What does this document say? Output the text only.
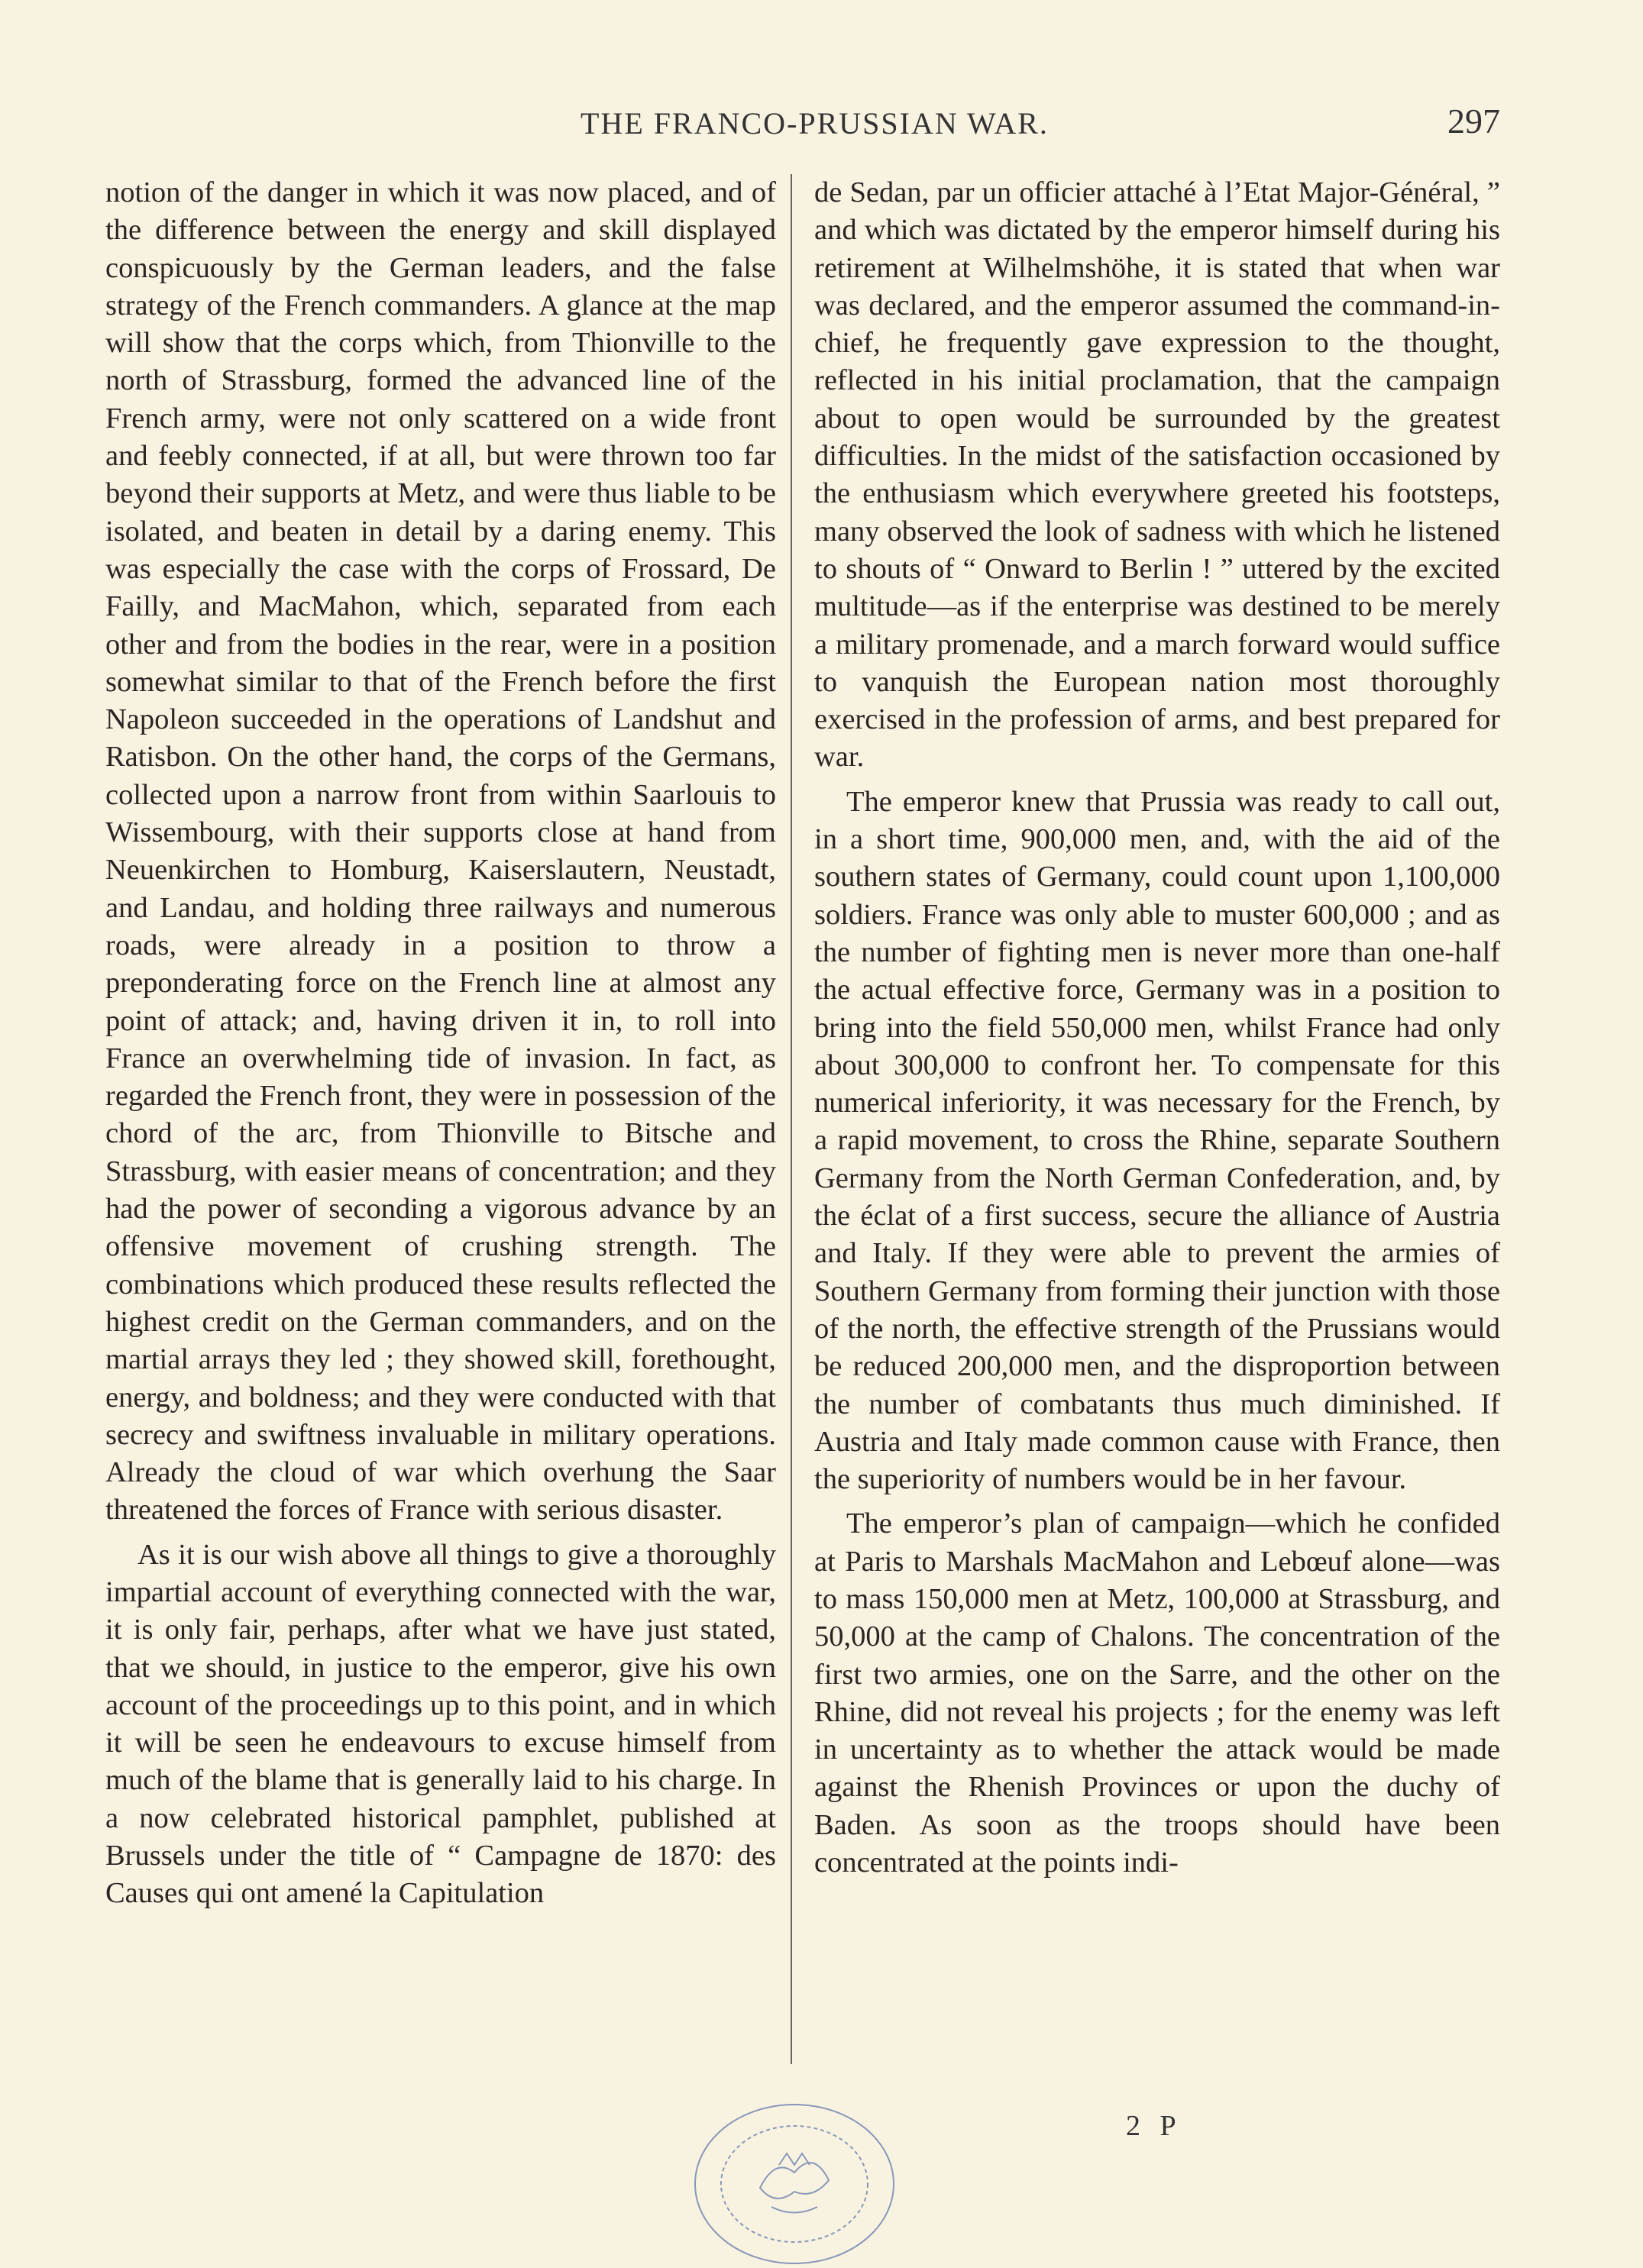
THE FRANCO-PRUSSIAN WAR.	297

notion of the danger in which it was now placed, and of the difference between the energy and skill displayed conspicuously by the German leaders, and the false strategy of the French commanders. A glance at the map will show that the corps which, from Thionville to the north of Strassburg, formed the advanced line of the French army, were not only scattered on a wide front and feebly connected, if at all, but were thrown too far beyond their supports at Metz, and were thus liable to be isolated, and beaten in detail by a daring enemy. This was especially the case with the corps of Frossard, De Failly, and MacMahon, which, separated from each other and from the bodies in the rear, were in a position somewhat similar to that of the French before the first Napoleon succeeded in the operations of Landshut and Ratisbon. On the other hand, the corps of the Germans, collected upon a narrow front from within Saarlouis to Wissembourg, with their supports close at hand from Neuenkirchen to Homburg, Kaiserslautern, Neustadt, and Landau, and holding three railways and numerous roads, were already in a position to throw a preponderating force on the French line at almost any point of attack; and, having driven it in, to roll into France an overwhelming tide of invasion. In fact, as regarded the French front, they were in possession of the chord of the arc, from Thionville to Bitsche and Strassburg, with easier means of concentration; and they had the power of seconding a vigorous advance by an offensive movement of crushing strength. The combinations which produced these results reflected the highest credit on the German commanders, and on the martial arrays they led ; they showed skill, forethought, energy, and boldness; and they were conducted with that secrecy and swiftness invaluable in military operations. Already the cloud of war which overhung the Saar threatened the forces of France with serious disaster.

As it is our wish above all things to give a thoroughly impartial account of everything connected with the war, it is only fair, perhaps, after what we have just stated, that we should, in justice to the emperor, give his own account of the proceedings up to this point, and in which it will be seen he endeavours to excuse himself from much of the blame that is generally laid to his charge. In a now celebrated historical pamphlet, published at Brussels under the title of “ Campagne de 1870: des Causes qui ont amené la Capitulation

de Sedan, par un officier attaché à l’Etat Major-Général, ” and which was dictated by the emperor himself during his retirement at Wilhelmshöhe, it is stated that when war was declared, and the emperor assumed the command-in-chief, he frequently gave expression to the thought, reflected in his initial proclamation, that the campaign about to open would be surrounded by the greatest difficulties. In the midst of the satisfaction occasioned by the enthusiasm which everywhere greeted his footsteps, many observed the look of sadness with which he listened to shouts of “ Onward to Berlin ! ” uttered by the excited multitude—as if the enterprise was destined to be merely a military promenade, and a march forward would suffice to vanquish the European nation most thoroughly exercised in the profession of arms, and best prepared for war.

The emperor knew that Prussia was ready to call out, in a short time, 900,000 men, and, with the aid of the southern states of Germany, could count upon 1,100,000 soldiers. France was only able to muster 600,000 ; and as the number of fighting men is never more than one-half the actual effective force, Germany was in a position to bring into the field 550,000 men, whilst France had only about 300,000 to confront her. To compensate for this numerical inferiority, it was necessary for the French, by a rapid movement, to cross the Rhine, separate Southern Germany from the North German Confederation, and, by the éclat of a first success, secure the alliance of Austria and Italy. If they were able to prevent the armies of Southern Germany from forming their junction with those of the north, the effective strength of the Prussians would be reduced 200,000 men, and the disproportion between the number of combatants thus much diminished. If Austria and Italy made common cause with France, then the superiority of numbers would be in her favour.

The emperor’s plan of campaign—which he confided at Paris to Marshals MacMahon and Lebœuf alone—was to mass 150,000 men at Metz, 100,000 at Strassburg, and 50,000 at the camp of Chalons. The concentration of the first two armies, one on the Sarre, and the other on the Rhine, did not reveal his projects ; for the enemy was left in uncertainty as to whether the attack would be made against the Rhenish Provinces or upon the duchy of Baden. As soon as the troops should have been concentrated at the points indi-

2 P
